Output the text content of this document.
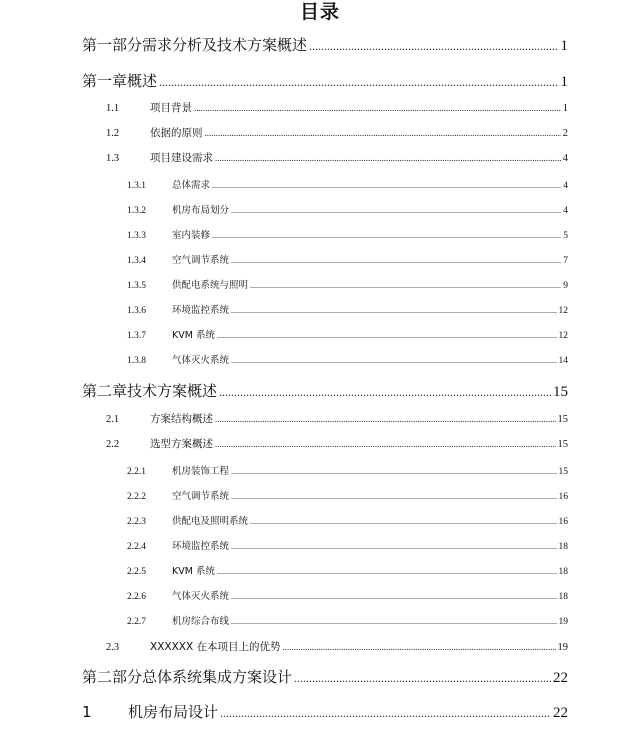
目录
第一部分需求分析及技术方案概述 .....	1
第一章概述 .....	1
1.1	项目背景 .....	1
1.2	依据的原则 .....	2
1.3	项目建设需求 .....	4
1.3.1	总体需求 .....	4
1.3.2	机房布局划分 .....	4
1.3.3	室内装修 .....	5
1.3.4	空气调节系统 .....	7
1.3.5	供配电系统与照明 .....	9
1.3.6	环境监控系统 .....	12
1.3.7	KVM 系统 .....	12
1.3.8	气体灭火系统 .....	14
第二章技术方案概述 .....	15
2.1	方案结构概述 .....	15
2.2	选型方案概述 .....	15
2.2.1	机房装饰工程 .....	15
2.2.2	空气调节系统 .....	16
2.2.3	供配电及照明系统 .....	16
2.2.4	环境监控系统 .....	18
2.2.5	KVM 系统 .....	18
2.2.6	气体灭火系统 .....	18
2.2.7	机房综合布线 .....	19
2.3	XXXXXX 在本项目上的优势 .....	19
第二部分总体系统集成方案设计 .....	22
1	机房布局设计 .....	22
